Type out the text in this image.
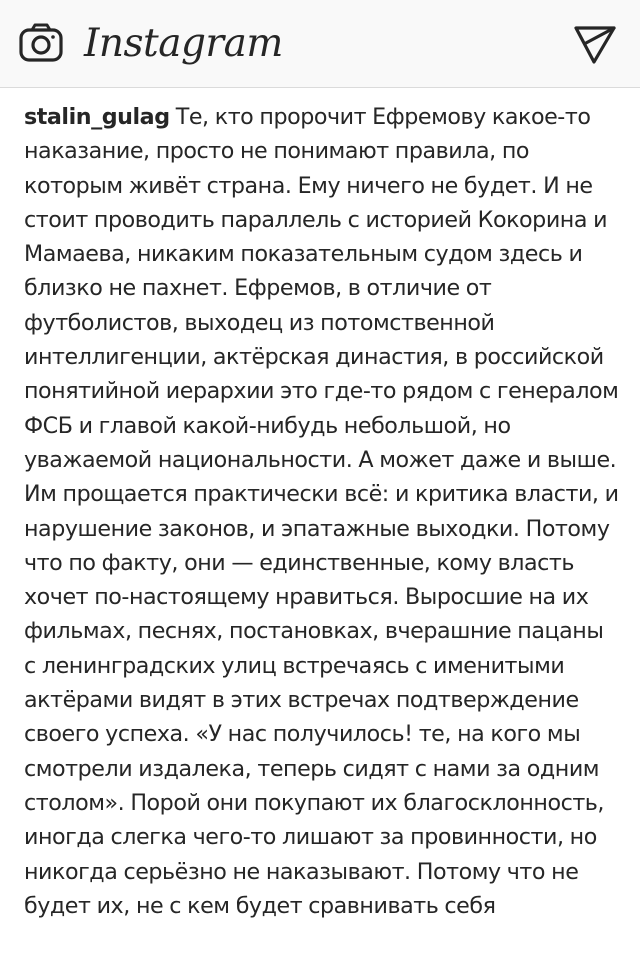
Instagram

stalin_gulag Те, кто пророчит Ефремову какое-то наказание, просто не понимают правила, по которым живёт страна. Ему ничего не будет. И не стоит проводить параллель с историей Кокорина и Мамаева, никаким показательным судом здесь и близко не пахнет. Ефремов, в отличие от футболистов, выходец из потомственной интеллигенции, актёрская династия, в российской понятийной иерархии это где-то рядом с генералом ФСБ и главой какой-нибудь небольшой, но уважаемой национальности. А может даже и выше. Им прощается практически всё: и критика власти, и нарушение законов, и эпатажные выходки. Потому что по факту, они — единственные, кому власть хочет по-настоящему нравиться. Выросшие на их фильмах, песнях, постановках, вчерашние пацаны с ленинградских улиц встречаясь с именитыми актёрами видят в этих встречах подтверждение своего успеха. «У нас получилось! те, на кого мы смотрели издалека, теперь сидят с нами за одним столом». Порой они покупают их благосклонность, иногда слегка чего-то лишают за провинности, но никогда серьёзно не наказывают. Потому что не будет их, не с кем будет сравнивать себя
